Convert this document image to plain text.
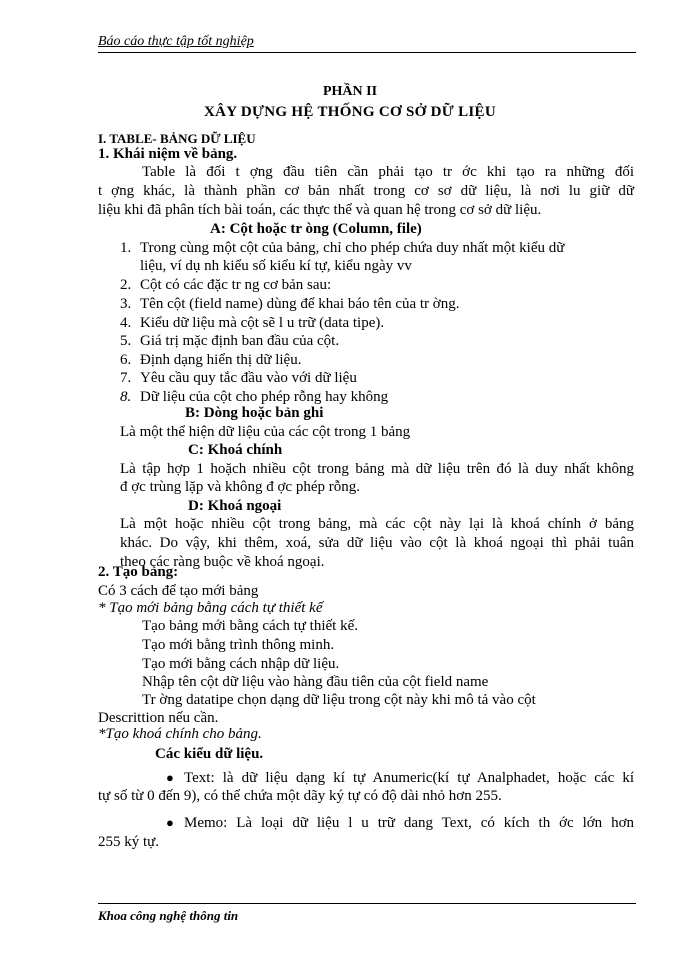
Báo cáo thực tập tốt nghiệp
PHẦN II
XÂY DỰNG HỆ THỐNG CƠ SỞ DỮ LIỆU
I. TABLE- BẢNG DỮ LIỆU
1. Khái niệm về bảng.
Table là đối t ợng đầu tiên cần phải tạo tr ớc khi tạo ra những đối
t ợng khác, là thành phần cơ bản nhất trong cơ sơ dữ liệu, là nơi lu giữ dữ
liệu khi đã phân tích bài toán, các thực thể và quan hệ trong cơ sở dữ liệu.
A: Cột hoặc tr òng (Column, file)
1. Trong cùng một cột của bảng, chỉ cho phép chứa duy nhất một kiểu dữ
liệu, ví dụ nh kiểu số kiểu kí tự, kiểu ngày vv
2. Cột có các đặc tr ng cơ bản sau:
3. Tên cột (field name) dùng để khai báo tên của tr ờng.
4. Kiểu dữ liệu mà cột sẽ l u trữ (data tipe).
5. Giá trị mặc định ban đầu của cột.
6. Định dạng hiển thị dữ liệu.
7. Yêu cầu quy tắc đầu vào với dữ liệu
8. Dữ liệu của cột cho phép rỗng hay không
B: Dòng hoặc bản ghi
Là một thể hiện dữ liệu của các cột trong 1 bảng
C: Khoá chính
Là tập hợp 1 hoặch nhiều cột trong bảng mà dữ liệu trên đó là duy nhất không
đ ợc trùng lặp và không đ ợc phép rỗng.
D: Khoá ngoại
Là một hoặc nhiều cột trong bảng, mà các cột này lại là khoá chính ở bảng
khác. Do vậy, khi thêm, xoá, sửa dữ liệu vào cột là khoá ngoại thì phải tuân
theo các ràng buộc về khoá ngoại.
2. Tạo bảng:
Có 3 cách để tạo mới bảng
* Tạo mới bảng bằng cách tự thiết kế
Tạo bảng mới bằng cách tự thiết kế.
Tạo mới bằng trình thông minh.
Tạo mới bằng cách nhập dữ liệu.
Nhập tên cột dữ liệu vào hàng đầu tiên của cột field name
Tr ờng datatipe chọn dạng dữ liệu trong cột này khi mô tả vào cột
Descrittion nếu cần.
*Tạo khoá chính cho bảng.
Các kiểu dữ liệu.
● Text: là dữ liệu dạng kí tự Anumeric(kí tự Analphadet, hoặc các kí
tự số từ 0 đến 9), có thể chứa một dãy ký tự có độ dài nhỏ hơn 255.
● Memo: Là loại dữ liệu l u trữ dang Text, có kích th ớc lớn hơn
255 ký tự.
Khoa công nghệ thông tin
